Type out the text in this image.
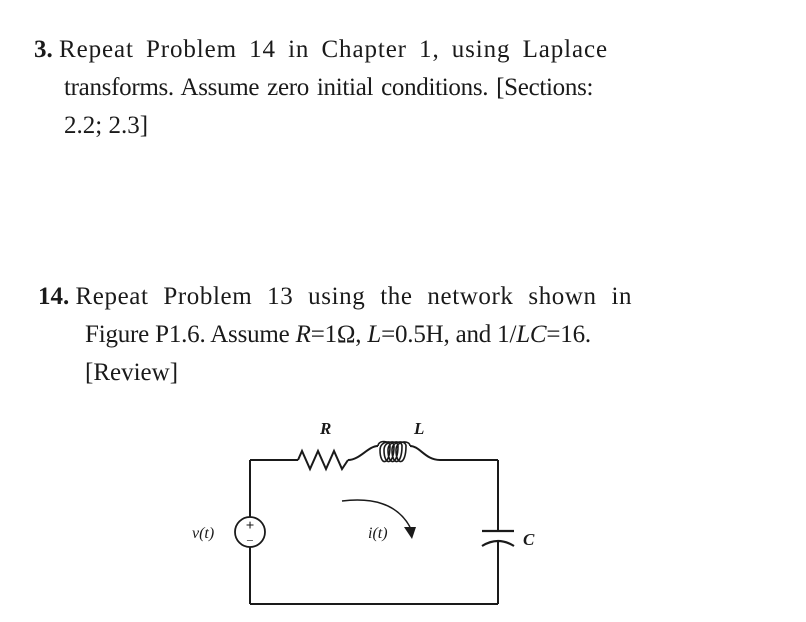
3. Repeat Problem 14 in Chapter 1, using Laplace
transforms. Assume zero initial conditions. [Sections:
2.2; 2.3]
14. Repeat Problem 13 using the network shown in
Figure P1.6. Assume R=1Ω, L=0.5H, and 1/LC=16.
[Review]
R	L
C
v(t)	i(t)
+
−
